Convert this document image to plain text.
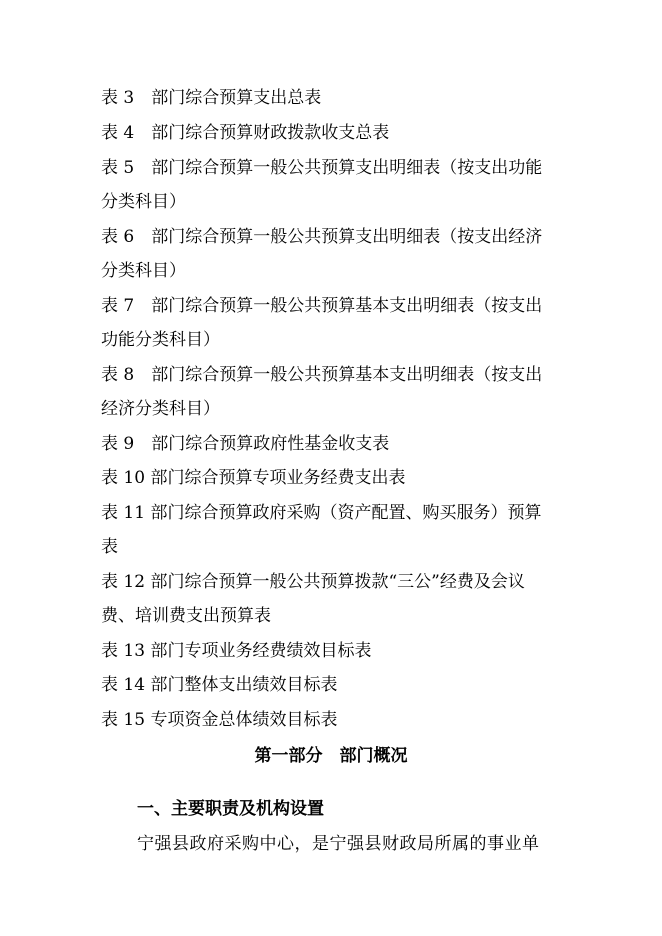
表 3　部门综合预算支出总表
表 4　部门综合预算财政拨款收支总表
表 5　部门综合预算一般公共预算支出明细表（按支出功能
分类科目）
表 6　部门综合预算一般公共预算支出明细表（按支出经济
分类科目）
表 7　部门综合预算一般公共预算基本支出明细表（按支出
功能分类科目）
表 8　部门综合预算一般公共预算基本支出明细表（按支出
经济分类科目）
表 9　部门综合预算政府性基金收支表
表 10 部门综合预算专项业务经费支出表
表 11 部门综合预算政府采购（资产配置、购买服务）预算
表
表 12 部门综合预算一般公共预算拨款“三公”经费及会议
费、培训费支出预算表
表 13 部门专项业务经费绩效目标表
表 14 部门整体支出绩效目标表
表 15 专项资金总体绩效目标表
第一部分　部门概况
一、主要职责及机构设置
宁强县政府采购中心，是宁强县财政局所属的事业单
